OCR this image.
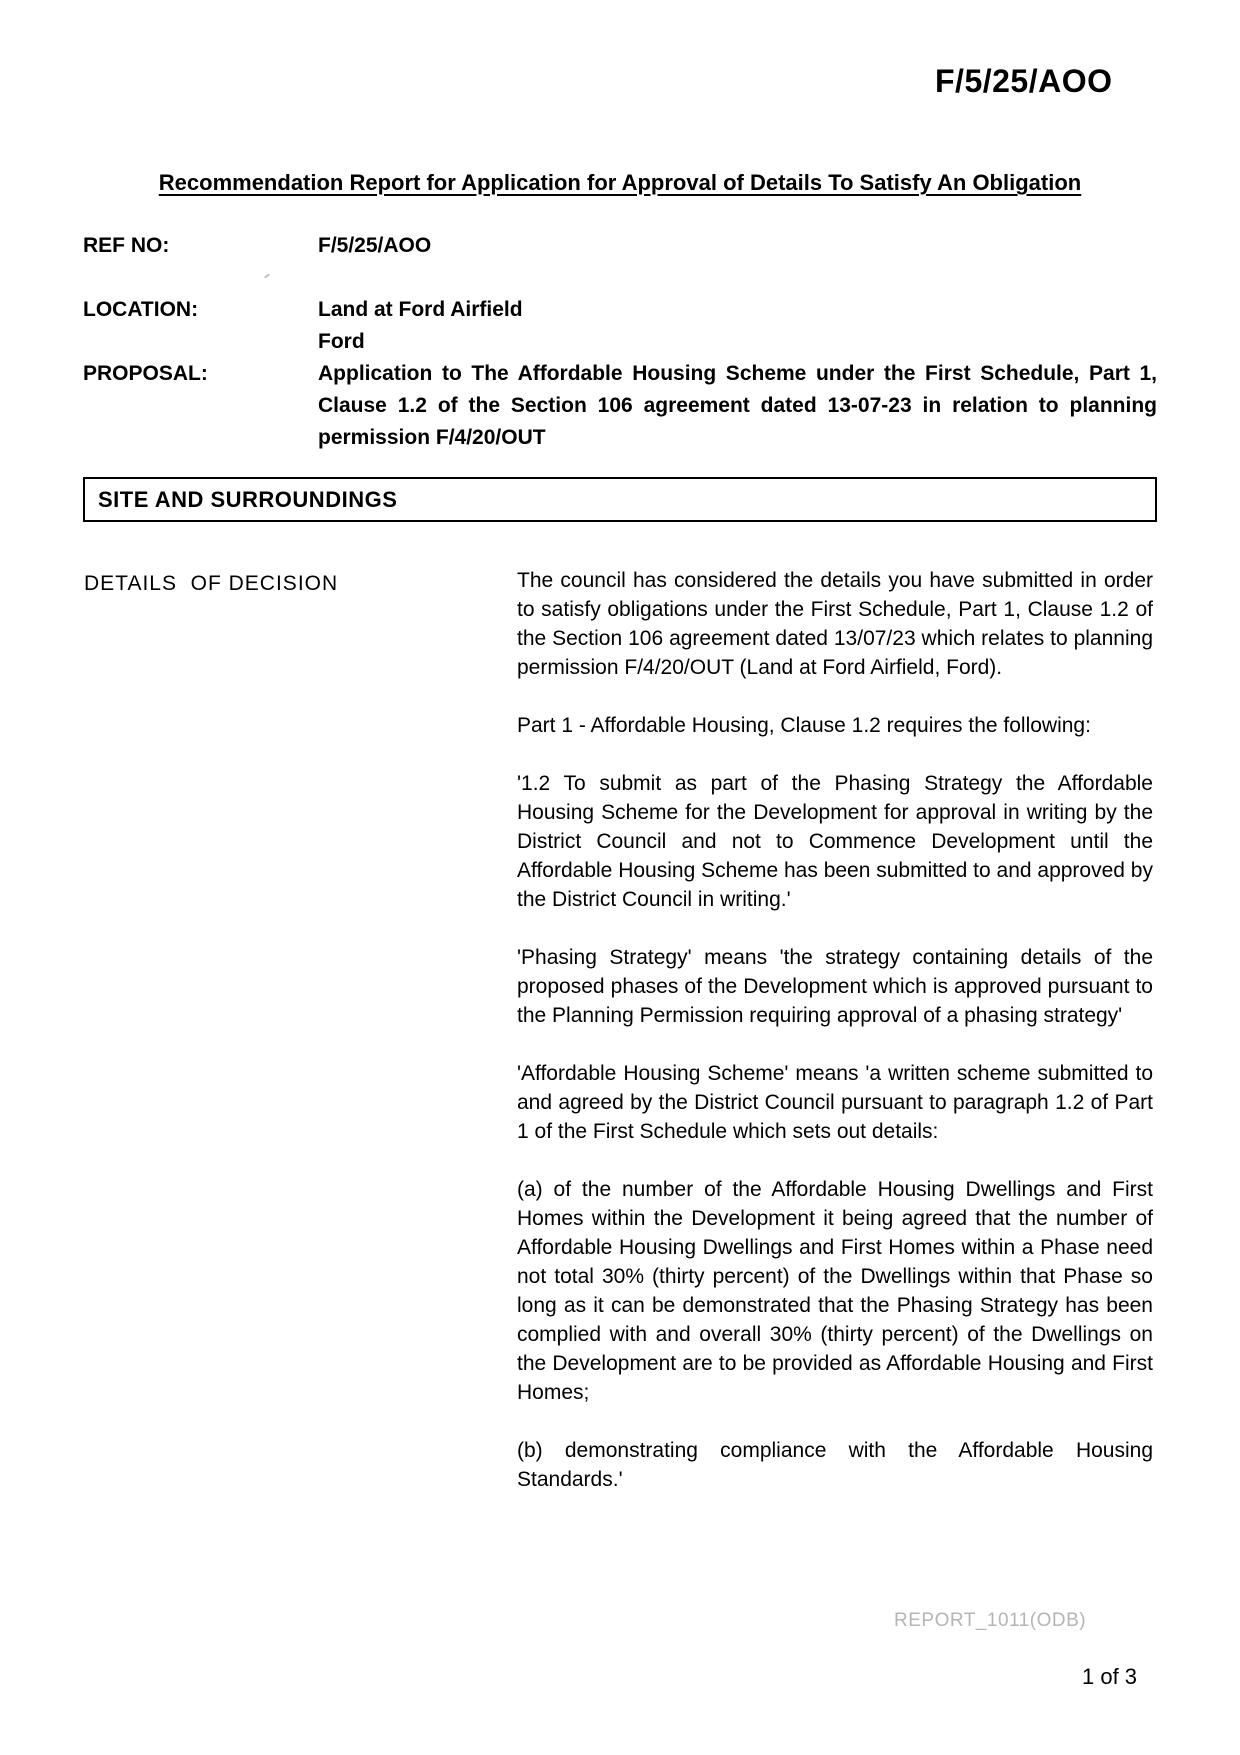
F/5/25/AOO
Recommendation Report for Application for Approval of Details To Satisfy An Obligation
REF NO:	F/5/25/AOO
LOCATION:	Land at Ford Airfield
Ford
PROPOSAL:	Application to The Affordable Housing Scheme under the First Schedule, Part 1, Clause 1.2 of the Section 106 agreement dated 13-07-23 in relation to planning permission F/4/20/OUT
SITE AND SURROUNDINGS
DETAILS  OF DECISION	The council has considered the details you have submitted in order to satisfy obligations under the First Schedule, Part 1, Clause 1.2 of the Section 106 agreement dated 13/07/23 which relates to planning permission F/4/20/OUT (Land at Ford Airfield, Ford).

Part 1 - Affordable Housing, Clause 1.2 requires the following:

'1.2 To submit as part of the Phasing Strategy the Affordable Housing Scheme for the Development for approval in writing by the District Council and not to Commence Development until the Affordable Housing Scheme has been submitted to and approved by the District Council in writing.'

'Phasing Strategy' means 'the strategy containing details of the proposed phases of the Development which is approved pursuant to the Planning Permission requiring approval of a phasing strategy'

'Affordable Housing Scheme' means 'a written scheme submitted to and agreed by the District Council pursuant to paragraph 1.2 of Part 1 of the First Schedule which sets out details:

(a) of the number of the Affordable Housing Dwellings and First Homes within the Development it being agreed that the number of Affordable Housing Dwellings and First Homes within a Phase need not total 30% (thirty percent) of the Dwellings within that Phase so long as it can be demonstrated that the Phasing Strategy has been complied with and overall 30% (thirty percent) of the Dwellings on the Development are to be provided as Affordable Housing and First Homes;

(b) demonstrating compliance with the Affordable Housing Standards.'

REPORT_1011(ODB)
1 of 3
